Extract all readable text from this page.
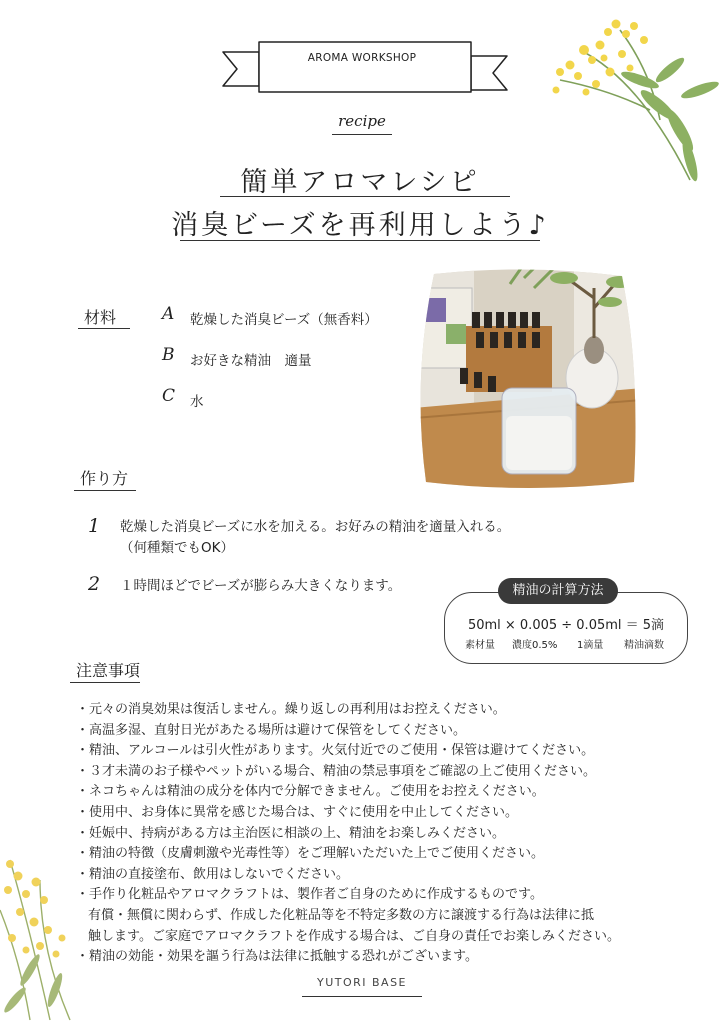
AROMA WORKSHOP
recipe
簡単アロマレシピ
消臭ビーズを再利用しよう♪
材料	A 乾燥した消臭ビーズ（無香料）
B お好きな精油　適量
C 水
作り方
1 乾燥した消臭ビーズに水を加える。お好みの精油を適量入れる。
（何種類でもOK）
2 １時間ほどでビーズが膨らみ大きくなります。	精油の計算方法
50ml × 0.005 ÷ 0.05ml ＝ 5滴
素材量 濃度0.5% 1滴量 精油滴数
注意事項
・元々の消臭効果は復活しません。繰り返しの再利用はお控えください。
・高温多湿、直射日光があたる場所は避けて保管をしてください。
・精油、アルコールは引火性があります。火気付近でのご使用・保管は避けてください。
・３才未満のお子様やペットがいる場合、精油の禁忌事項をご確認の上ご使用ください。
・ネコちゃんは精油の成分を体内で分解できません。ご使用をお控えください。
・使用中、お身体に異常を感じた場合は、すぐに使用を中止してください。
・妊娠中、持病がある方は主治医に相談の上、精油をお楽しみください。
・精油の特徴（皮膚刺激や光毒性等）をご理解いただいた上でご使用ください。
・精油の直接塗布、飲用はしないでください。
・手作り化粧品やアロマクラフトは、製作者ご自身のために作成するものです。
有償・無償に関わらず、作成した化粧品等を不特定多数の方に譲渡する行為は法律に抵
触します。ご家庭でアロマクラフトを作成する場合は、ご自身の責任でお楽しみください。
・精油の効能・効果を謳う行為は法律に抵触する恐れがございます。
YUTORI BASE
